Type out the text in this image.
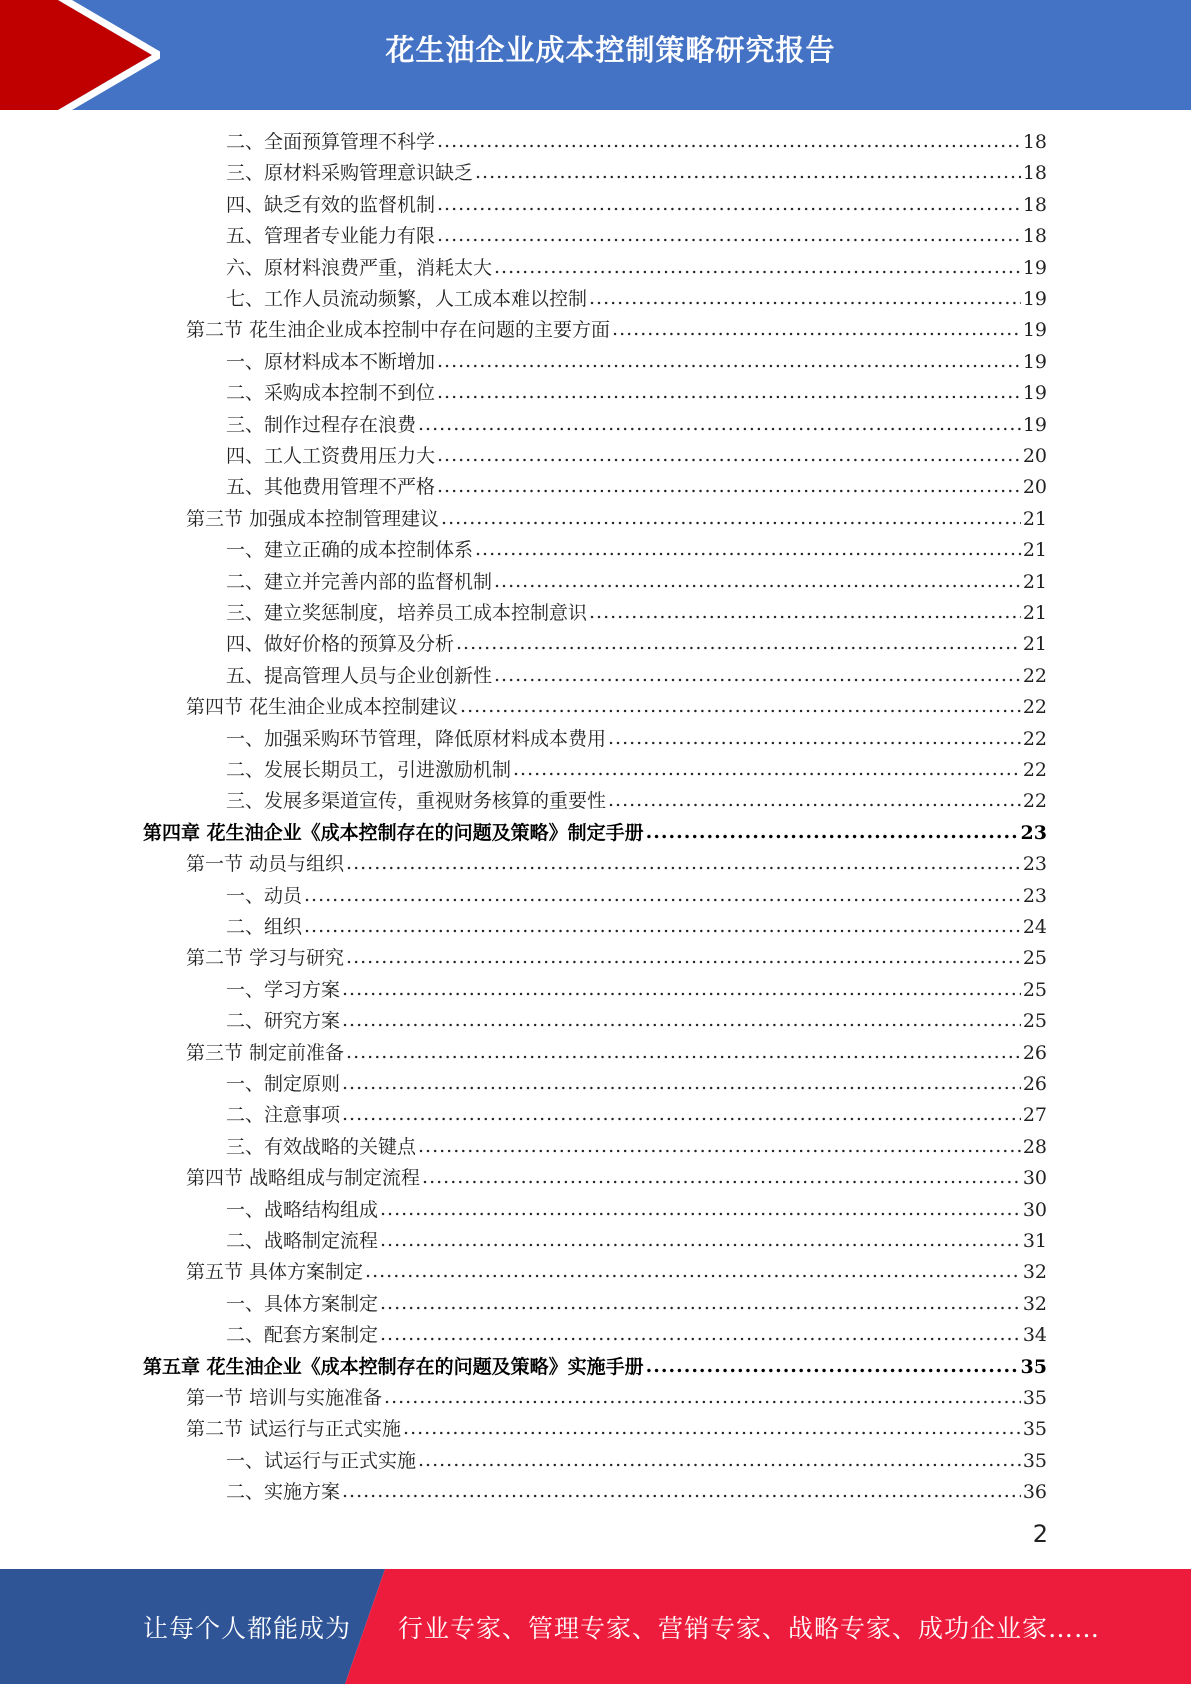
花生油企业成本控制策略研究报告
二、全面预算管理不科学 .....	18
三、原材料采购管理意识缺乏 .....	18
四、缺乏有效的监督机制 .....	18
五、管理者专业能力有限 .....	18
六、原材料浪费严重，消耗太大 .....	19
七、工作人员流动频繁，人工成本难以控制 .....	19
第二节 花生油企业成本控制中存在问题的主要方面 .....	19
一、原材料成本不断增加 .....	19
二、采购成本控制不到位 .....	19
三、制作过程存在浪费 .....	19
四、工人工资费用压力大 .....	20
五、其他费用管理不严格 .....	20
第三节 加强成本控制管理建议 .....	21
一、建立正确的成本控制体系 .....	21
二、建立并完善内部的监督机制 .....	21
三、建立奖惩制度，培养员工成本控制意识 .....	21
四、做好价格的预算及分析 .....	21
五、提高管理人员与企业创新性 .....	22
第四节 花生油企业成本控制建议 .....	22
一、加强采购环节管理，降低原材料成本费用 .....	22
二、发展长期员工，引进激励机制 .....	22
三、发展多渠道宣传，重视财务核算的重要性 .....	22
第四章 花生油企业《成本控制存在的问题及策略》制定手册 .....	23
第一节 动员与组织 .....	23
一、动员 .....	23
二、组织 .....	24
第二节 学习与研究 .....	25
一、学习方案 .....	25
二、研究方案 .....	25
第三节 制定前准备 .....	26
一、制定原则 .....	26
二、注意事项 .....	27
三、有效战略的关键点 .....	28
第四节 战略组成与制定流程 .....	30
一、战略结构组成 .....	30
二、战略制定流程 .....	31
第五节 具体方案制定 .....	32
一、具体方案制定 .....	32
二、配套方案制定 .....	34
第五章 花生油企业《成本控制存在的问题及策略》实施手册 .....	35
第一节 培训与实施准备 .....	35
第二节 试运行与正式实施 .....	35
一、试运行与正式实施 .....	35
二、实施方案 .....	36
2
让每个人都能成为 行业专家、管理专家、营销专家、战略专家、成功企业家……
